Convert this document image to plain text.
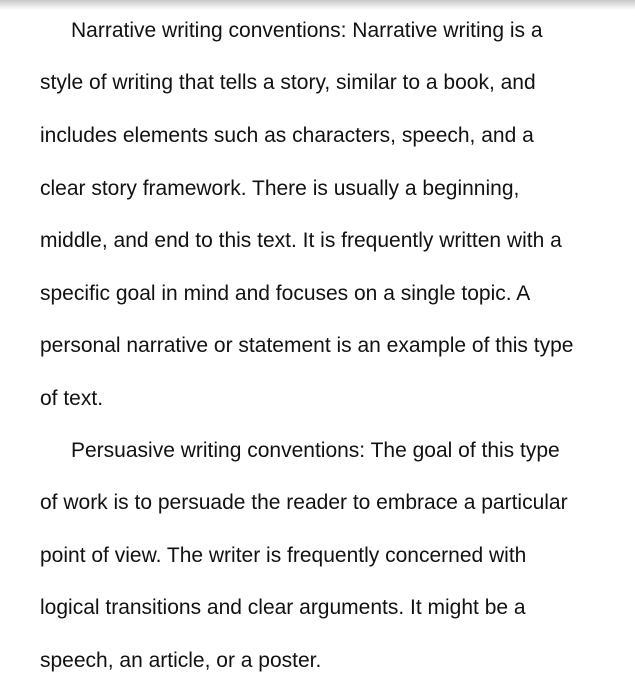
Narrative writing conventions: Narrative writing is a
style of writing that tells a story, similar to a book, and
includes elements such as characters, speech, and a
clear story framework. There is usually a beginning,
middle, and end to this text. It is frequently written with a
specific goal in mind and focuses on a single topic. A
personal narrative or statement is an example of this type
of text.
Persuasive writing conventions: The goal of this type
of work is to persuade the reader to embrace a particular
point of view. The writer is frequently concerned with
logical transitions and clear arguments. It might be a
speech, an article, or a poster.
